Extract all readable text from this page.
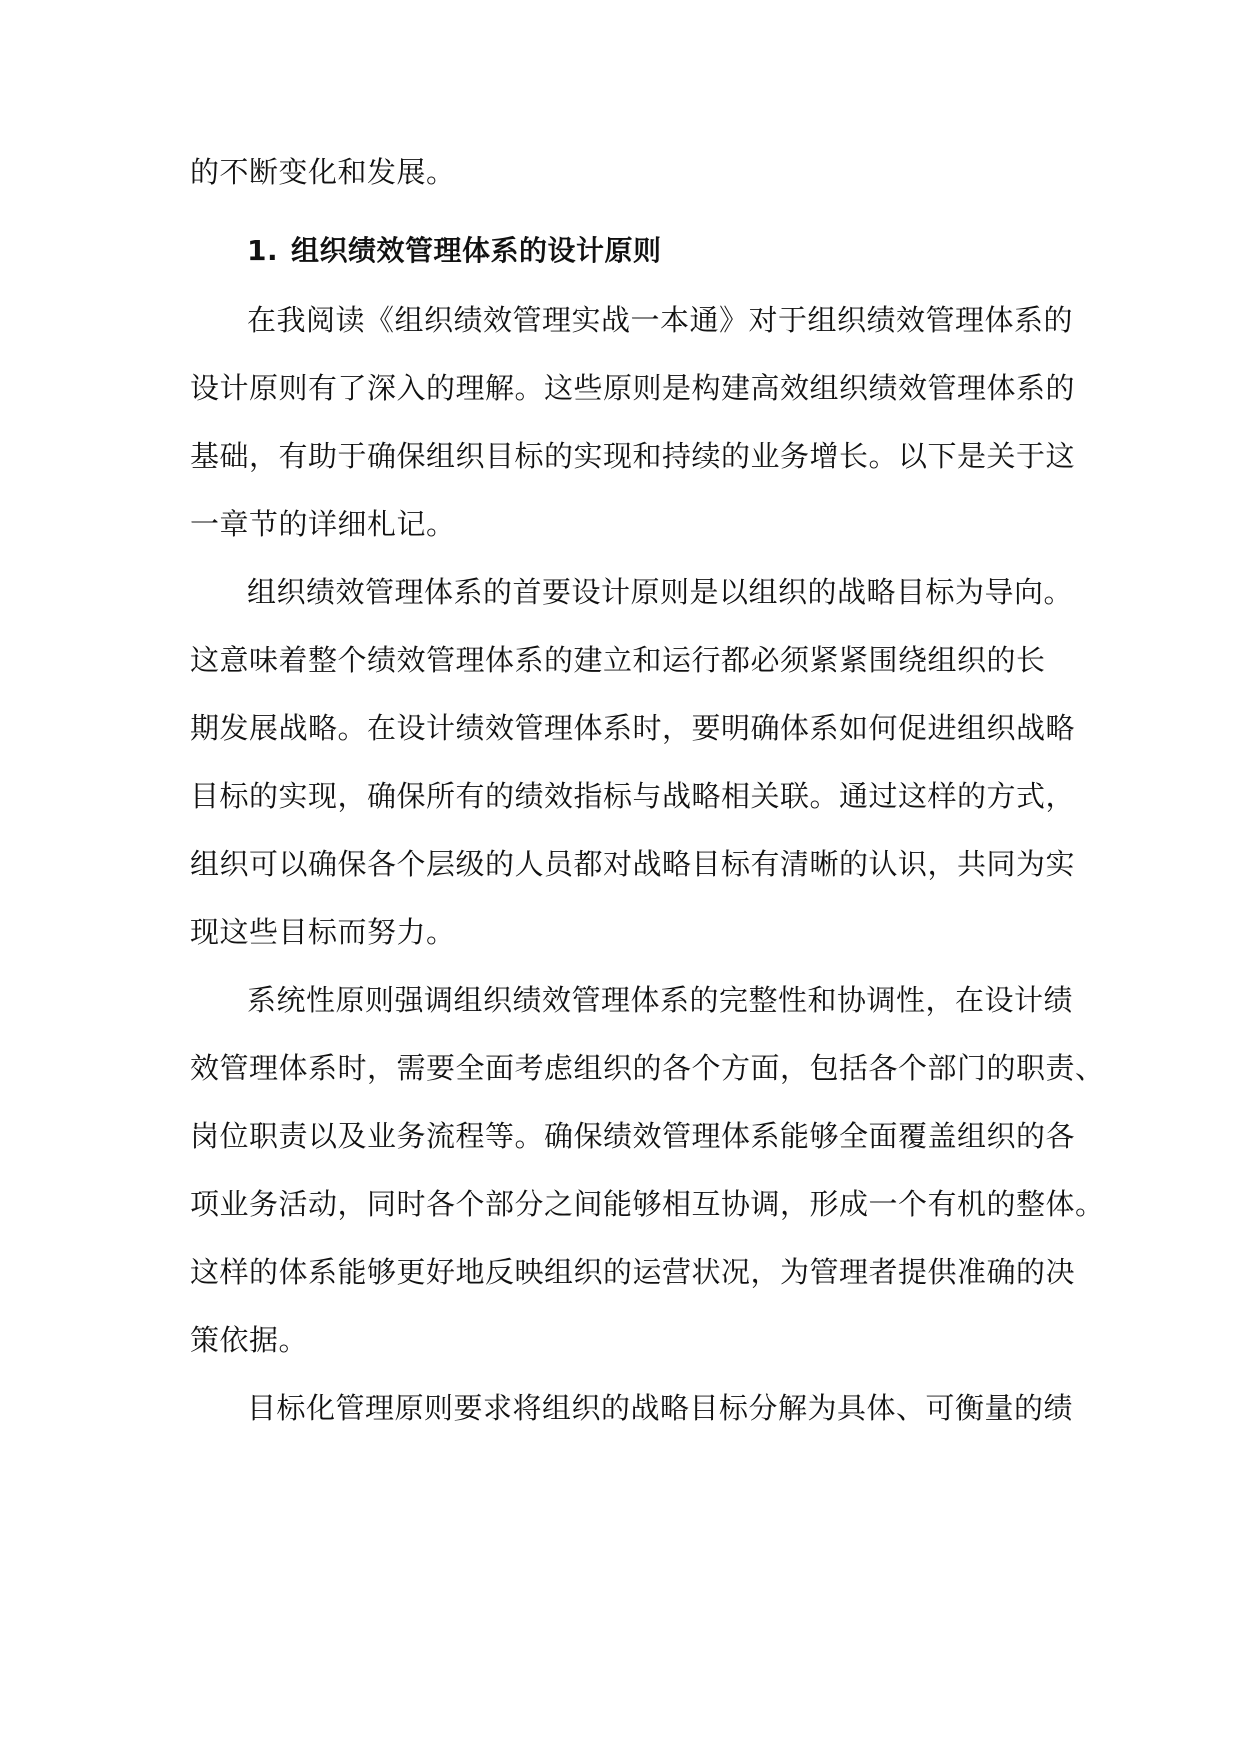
的不断变化和发展。
1. 组织绩效管理体系的设计原则
在我阅读《组织绩效管理实战一本通》对于组织绩效管理体系的
设计原则有了深入的理解。这些原则是构建高效组织绩效管理体系的
基础，有助于确保组织目标的实现和持续的业务增长。以下是关于这
一章节的详细札记。
组织绩效管理体系的首要设计原则是以组织的战略目标为导向。
这意味着整个绩效管理体系的建立和运行都必须紧紧围绕组织的长
期发展战略。在设计绩效管理体系时，要明确体系如何促进组织战略
目标的实现，确保所有的绩效指标与战略相关联。通过这样的方式，
组织可以确保各个层级的人员都对战略目标有清晰的认识，共同为实
现这些目标而努力。
系统性原则强调组织绩效管理体系的完整性和协调性，在设计绩
效管理体系时，需要全面考虑组织的各个方面，包括各个部门的职责、
岗位职责以及业务流程等。确保绩效管理体系能够全面覆盖组织的各
项业务活动，同时各个部分之间能够相互协调，形成一个有机的整体。
这样的体系能够更好地反映组织的运营状况，为管理者提供准确的决
策依据。
目标化管理原则要求将组织的战略目标分解为具体、可衡量的绩
